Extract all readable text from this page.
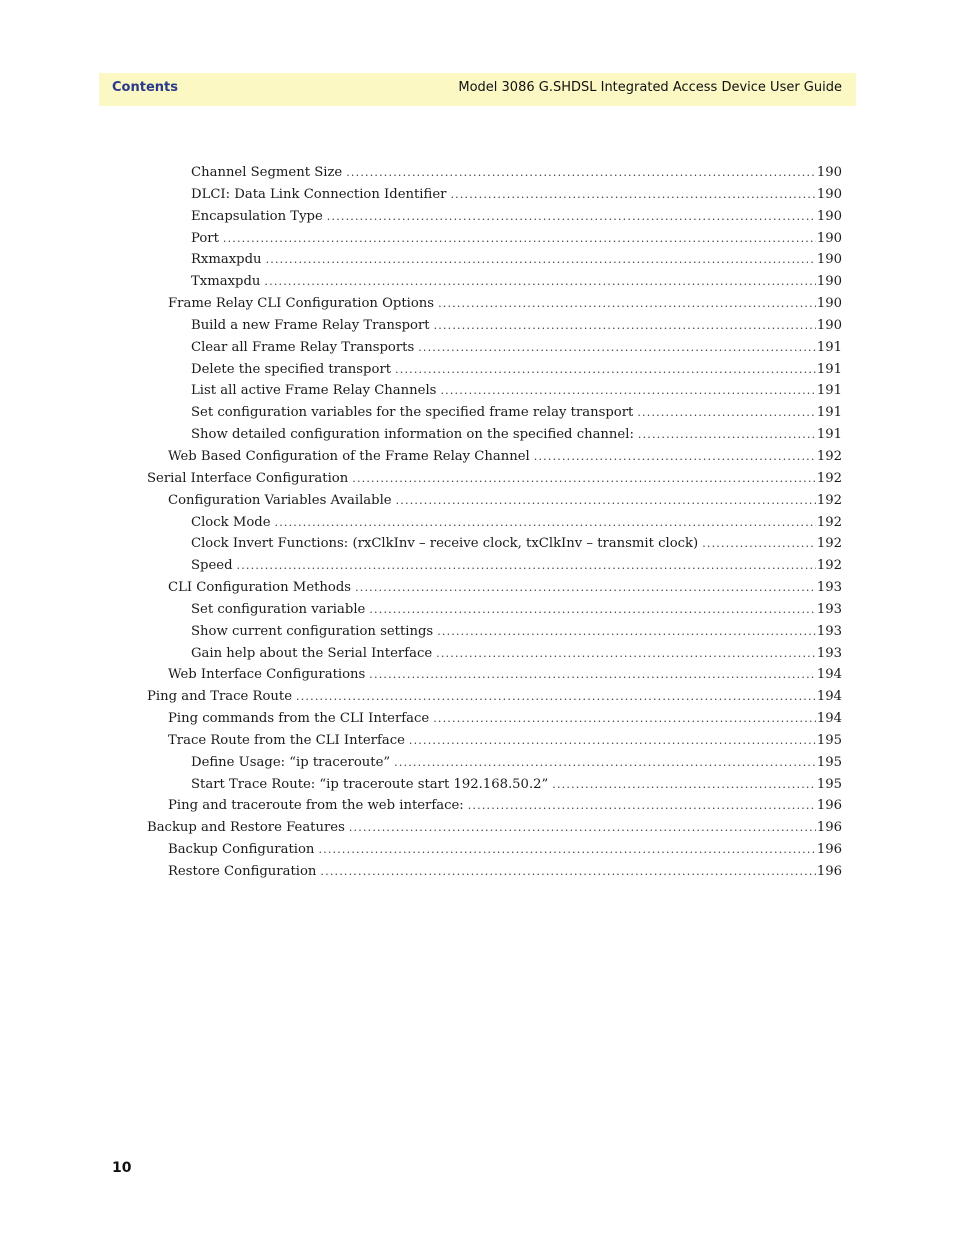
Contents	Model 3086 G.SHDSL Integrated Access Device User Guide
Channel Segment Size .....	190
DLCI: Data Link Connection Identifier .....	190
Encapsulation Type .....	190
Port .....	190
Rxmaxpdu .....	190
Txmaxpdu .....	190
Frame Relay CLI Configuration Options .....	190
Build a new Frame Relay Transport .....	190
Clear all Frame Relay Transports .....	191
Delete the specified transport .....	191
List all active Frame Relay Channels .....	191
Set configuration variables for the specified frame relay transport .....	191
Show detailed configuration information on the specified channel: .....	191
Web Based Configuration of the Frame Relay Channel .....	192
Serial Interface Configuration .....	192
Configuration Variables Available .....	192
Clock Mode .....	192
Clock Invert Functions: (rxClkInv – receive clock, txClkInv – transmit clock) .....	192
Speed .....	192
CLI Configuration Methods .....	193
Set configuration variable .....	193
Show current configuration settings .....	193
Gain help about the Serial Interface .....	193
Web Interface Configurations .....	194
Ping and Trace Route .....	194
Ping commands from the CLI Interface .....	194
Trace Route from the CLI Interface .....	195
Define Usage: “ip traceroute” .....	195
Start Trace Route: “ip traceroute start 192.168.50.2” .....	195
Ping and traceroute from the web interface: .....	196
Backup and Restore Features .....	196
Backup Configuration .....	196
Restore Configuration .....	196
10
